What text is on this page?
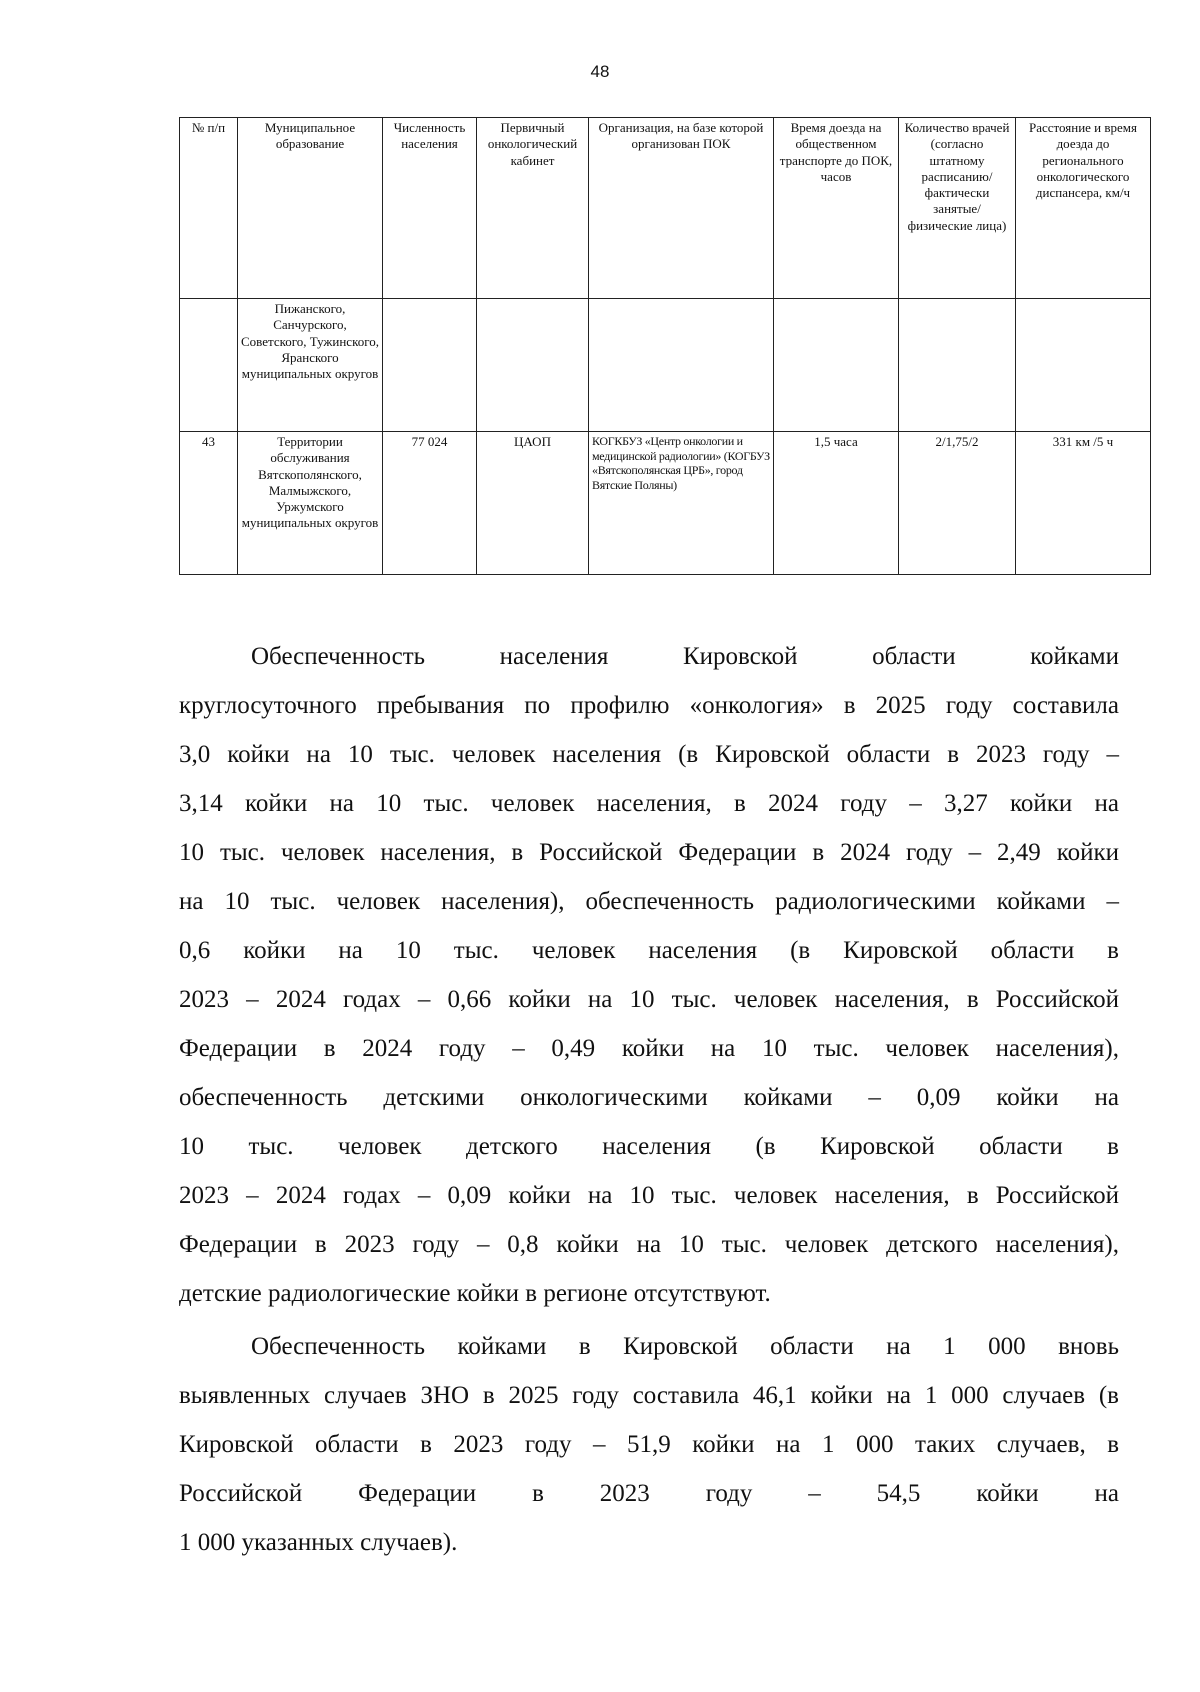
48
№ п/п	Муниципальное образование	Численность населения	Первичный онкологический кабинет	Организация, на базе которой организован ПОК	Время доезда на общественном транспорте до ПОК, часов	Количество врачей (согласно штатному расписанию/ фактически занятые/ физические лица)	Расстояние и время доезда до регионального онкологического диспансера, км/ч
	Пижанского, Санчурского, Советского, Тужинского, Яранского муниципальных округов						
43	Территории обслуживания Вятскополянского, Малмыжского, Уржумского муниципальных округов	77 024	ЦАОП	КОГКБУЗ «Центр онкологии и медицинской радиологии» (КОГБУЗ «Вятскополянская ЦРБ», город Вятские Поляны)	1,5 часа	2/1,75/2	331 км /5 ч

Обеспеченность населения Кировской области койками

круглосуточного пребывания по профилю «онкология» в 2025 году составила

3,0 койки на 10 тыс. человек населения (в Кировской области в 2023 году –

3,14 койки на 10 тыс. человек населения, в 2024 году – 3,27 койки на

10 тыс. человек населения, в Российской Федерации в 2024 году – 2,49 койки

на 10 тыс. человек населения), обеспеченность радиологическими койками –

0,6 койки на 10 тыс. человек населения (в Кировской области в

2023 – 2024 годах – 0,66 койки на 10 тыс. человек населения, в Российской

Федерации в 2024 году – 0,49 койки на 10 тыс. человек населения),

обеспеченность детскими онкологическими койками – 0,09 койки на

10 тыс. человек детского населения (в Кировской области в

2023 – 2024 годах – 0,09 койки на 10 тыс. человек населения, в Российской

Федерации в 2023 году – 0,8 койки на 10 тыс. человек детского населения),

детские радиологические койки в регионе отсутствуют.

Обеспеченность койками в Кировской области на 1 000 вновь

выявленных случаев ЗНО в 2025 году составила 46,1 койки на 1 000 случаев (в

Кировской области в 2023 году – 51,9 койки на 1 000 таких случаев, в

Российской Федерации в 2023 году – 54,5 койки на

1 000 указанных случаев).
